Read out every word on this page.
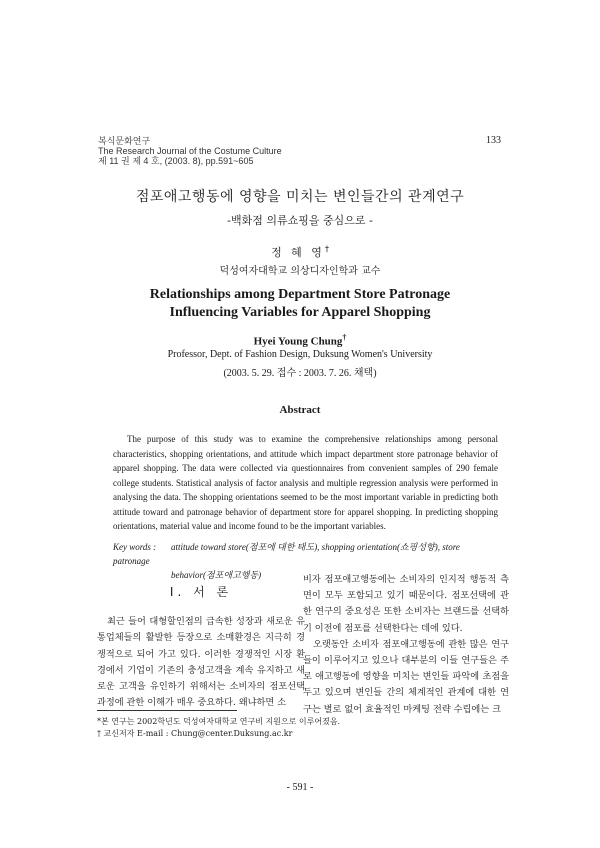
복식문화연구
The Research Journal of the Costume Culture
제 11 권 제 4 호, (2003. 8), pp.591~605
133
점포애고행동에 영향을 미치는 변인들간의 관계연구
-백화점 의류쇼핑을 중심으로 -
정 혜 영†
덕성여자대학교 의상디자인학과 교수
Relationships among Department Store Patronage
Influencing Variables for Apparel Shopping
Hyei Young Chung†
Professor, Dept. of Fashion Design, Duksung Women's University
(2003. 5. 29. 접수 : 2003. 7. 26. 채택)
Abstract
The purpose of this study was to examine the comprehensive relationships among personal characteristics, shopping orientations, and attitude which impact department store patronage behavior of apparel shopping. The data were collected via questionnaires from convenient samples of 290 female college students. Statistical analysis of factor analysis and multiple regression analysis were performed in analysing the data. The shopping orientations seemed to be the most important variable in predicting both attitude toward and patronage behavior of department store for apparel shopping. In predicting shopping orientations, material value and income found to be the important variables.
Key words : attitude toward store(점포에 대한 태도), shopping orientation(쇼핑성향), store patronage
behavior(점포애고행동)
Ⅰ. 서 론
최근 들어 대형할인점의 급속한 성장과 새로운 유통업체들의 활발한 등장으로 소매환경은 지극히 경쟁적으로 되어 가고 있다. 이러한 경쟁적인 시장 환경에서 기업이 기존의 충성고객을 계속 유지하고 새로운 고객을 유인하기 위해서는 소비자의 점포선택과정에 관한 이해가 매우 중요하다. 왜냐하면 소
비자 점포애고행동에는 소비자의 인지적 행동적 측면이 모두 포함되고 있기 때문이다. 점포선택에 관한 연구의 중요성은 또한 소비자는 브랜드를 선택하기 이전에 점포를 선택한다는 데에 있다.
오랫동안 소비자 점포애고행동에 관한 많은 연구들이 이루어지고 있으나 대부분의 이들 연구들은 주로 애고행동에 영향을 미치는 변인들 파악에 초점을 두고 있으며 변인들 간의 체계적인 관계에 대한 연구는 별로 없어 효율적인 마케팅 전략 수립에는 크
*본 연구는 2002학년도 덕성여자대학교 연구비 지원으로 이루어졌음.
† 교신저자 E-mail : Chung@center.Duksung.ac.kr
- 591 -
